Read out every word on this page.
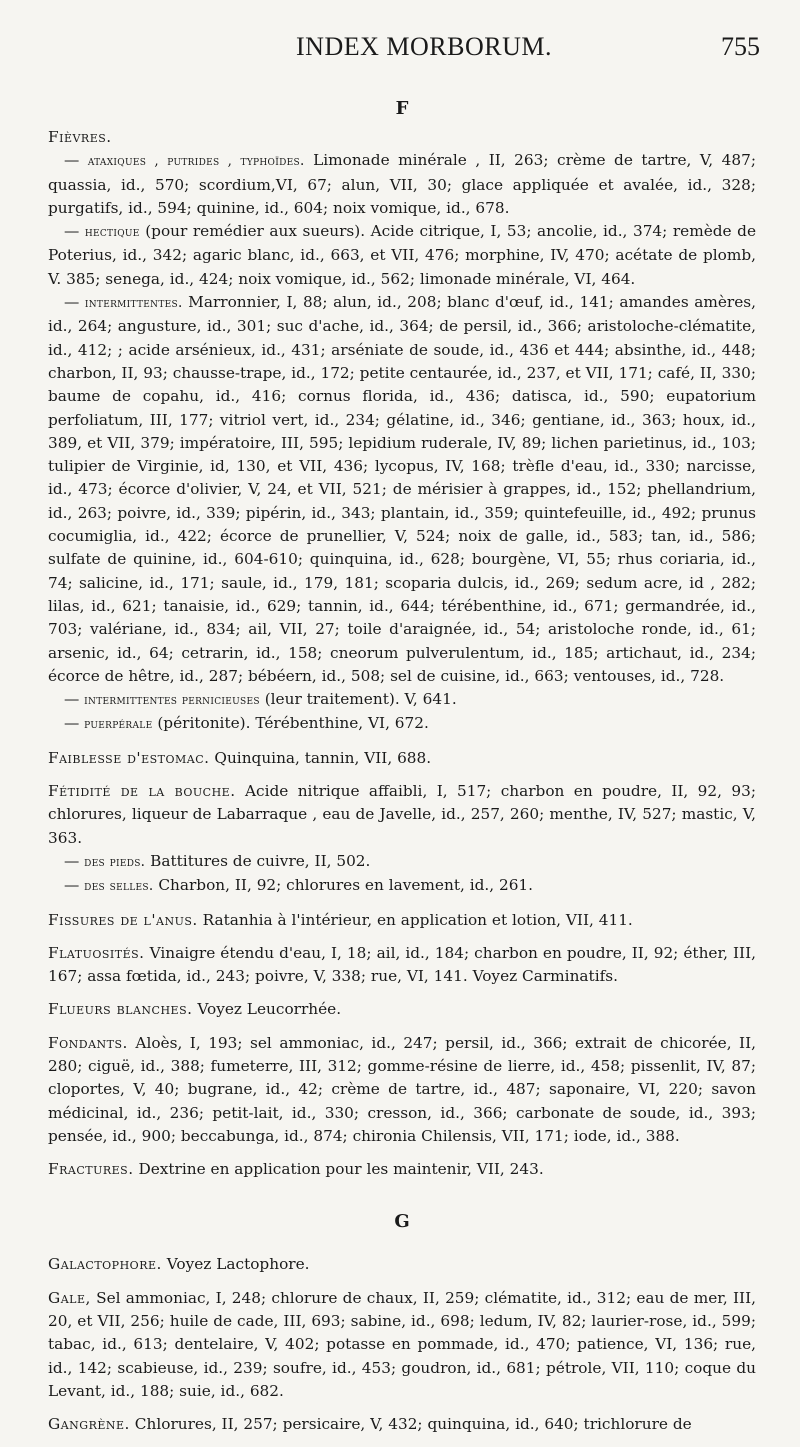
INDEX MORBORUM.	755
F
Fièvres.
— ataxiques , putrides , typhoïdes. Limonade minérale , II, 263; crème de tartre, V, 487; quassia, id., 570; scordium,VI, 67; alun, VII, 30; glace appliquée et avalée, id., 328; purgatifs, id., 594; quinine, id., 604; noix vomique, id., 678.
— hectique (pour remédier aux sueurs). Acide citrique, I, 53; ancolie, id., 374; remède de Poterius, id., 342; agaric blanc, id., 663, et VII, 476; morphine, IV, 470; acétate de plomb, V. 385; senega, id., 424; noix vomique, id., 562; limonade minérale, VI, 464.
— intermittentes. Marronnier, I, 88; alun, id., 208; blanc d'œuf, id., 141; amandes amères, id., 264; angusture, id., 301; suc d'ache, id., 364; de persil, id., 366; aristoloche-clématite, id., 412; ; acide arsénieux, id., 431; arséniate de soude, id., 436 et 444; absinthe, id., 448; charbon, II, 93; chausse-trape, id., 172; petite centaurée, id., 237, et VII, 171; café, II, 330; baume de copahu, id., 416; cornus florida, id., 436; datisca, id., 590; eupatorium perfoliatum, III, 177; vitriol vert, id., 234; gélatine, id., 346; gentiane, id., 363; houx, id., 389, et VII, 379; impératoire, III, 595; lepidium ruderale, IV, 89; lichen parietinus, id., 103; tulipier de Virginie, id, 130, et VII, 436; lycopus, IV, 168; trèfle d'eau, id., 330; narcisse, id., 473; écorce d'olivier, V, 24, et VII, 521; de mérisier à grappes, id., 152; phellandrium, id., 263; poivre, id., 339; pipérin, id., 343; plantain, id., 359; quintefeuille, id., 492; prunus cocumiglia, id., 422; écorce de prunellier, V, 524; noix de galle, id., 583; tan, id., 586; sulfate de quinine, id., 604-610; quinquina, id., 628; bourgène, VI, 55; rhus coriaria, id., 74; salicine, id., 171; saule, id., 179, 181; scoparia dulcis, id., 269; sedum acre, id , 282; lilas, id., 621; tanaisie, id., 629; tannin, id., 644; térébenthine, id., 671; germandrée, id., 703; valériane, id., 834; ail, VII, 27; toile d'araignée, id., 54; aristoloche ronde, id., 61; arsenic, id., 64; cetrarin, id., 158; cneorum pulverulentum, id., 185; artichaut, id., 234; écorce de hêtre, id., 287; bébéern, id., 508; sel de cuisine, id., 663; ventouses, id., 728.
— intermittentes pernicieuses (leur traitement). V, 641.
— puerpérale (péritonite). Térébenthine, VI, 672.
Faiblesse d'estomac. Quinquina, tannin, VII, 688.
Fétidité de la bouche. Acide nitrique affaibli, I, 517; charbon en poudre, II, 92, 93; chlorures, liqueur de Labarraque , eau de Javelle, id., 257, 260; menthe, IV, 527; mastic, V, 363.
— des pieds. Battitures de cuivre, II, 502.
— des selles. Charbon, II, 92; chlorures en lavement, id., 261.
Fissures de l'anus. Ratanhia à l'intérieur, en application et lotion, VII, 411.
Flatuosités. Vinaigre étendu d'eau, I, 18; ail, id., 184; charbon en poudre, II, 92; éther, III, 167; assa fœtida, id., 243; poivre, V, 338; rue, VI, 141. Voyez Carminatifs.
Flueurs blanches. Voyez Leucorrhée.
Fondants. Aloès, I, 193; sel ammoniac, id., 247; persil, id., 366; extrait de chicorée, II, 280; ciguë, id., 388; fumeterre, III, 312; gomme-résine de lierre, id., 458; pissenlit, IV, 87; cloportes, V, 40; bugrane, id., 42; crème de tartre, id., 487; saponaire, VI, 220; savon médicinal, id., 236; petit-lait, id., 330; cresson, id., 366; carbonate de soude, id., 393; pensée, id., 900; beccabunga, id., 874; chironia Chilensis, VII, 171; iode, id., 388.
Fractures. Dextrine en application pour les maintenir, VII, 243.
G
Galactophore. Voyez Lactophore.
Gale, Sel ammoniac, I, 248; chlorure de chaux, II, 259; clématite, id., 312; eau de mer, III, 20, et VII, 256; huile de cade, III, 693; sabine, id., 698; ledum, IV, 82; laurier-rose, id., 599; tabac, id., 613; dentelaire, V, 402; potasse en pommade, id., 470; patience, VI, 136; rue, id., 142; scabieuse, id., 239; soufre, id., 453; goudron, id., 681; pétrole, VII, 110; coque du Levant, id., 188; suie, id., 682.
Gangrène. Chlorures, II, 257; persicaire, V, 432; quinquina, id., 640; trichlorure de
